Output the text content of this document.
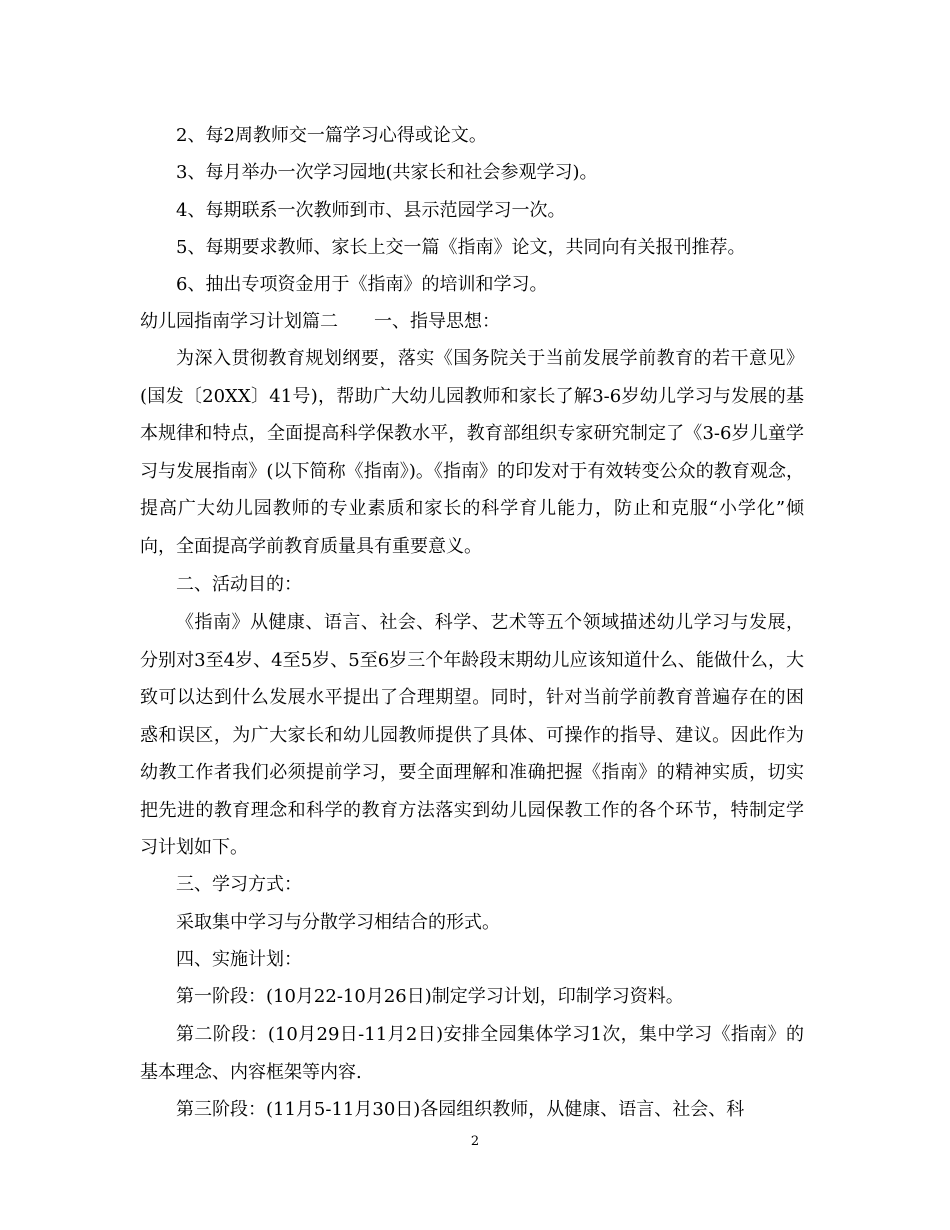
2、每2周教师交一篇学习心得或论文。
3、每月举办一次学习园地(共家长和社会参观学习)。
4、每期联系一次教师到市、县示范园学习一次。
5、每期要求教师、家长上交一篇《指南》论文，共同向有关报刊推荐。
6、抽出专项资金用于《指南》的培训和学习。
幼儿园指南学习计划篇二　　一、指导思想：
为深入贯彻教育规划纲要，落实《国务院关于当前发展学前教育的若干意见》(国发〔20XX〕41号)，帮助广大幼儿园教师和家长了解3-6岁幼儿学习与发展的基本规律和特点，全面提高科学保教水平，教育部组织专家研究制定了《3-6岁儿童学习与发展指南》(以下简称《指南》)。《指南》的印发对于有效转变公众的教育观念，提高广大幼儿园教师的专业素质和家长的科学育儿能力，防止和克服“小学化”倾向，全面提高学前教育质量具有重要意义。
二、活动目的：
《指南》从健康、语言、社会、科学、艺术等五个领域描述幼儿学习与发展，分别对3至4岁、4至5岁、5至6岁三个年龄段末期幼儿应该知道什么、能做什么，大致可以达到什么发展水平提出了合理期望。同时，针对当前学前教育普遍存在的困惑和误区，为广大家长和幼儿园教师提供了具体、可操作的指导、建议。因此作为幼教工作者我们必须提前学习，要全面理解和准确把握《指南》的精神实质，切实把先进的教育理念和科学的教育方法落实到幼儿园保教工作的各个环节，特制定学习计划如下。
三、学习方式：
采取集中学习与分散学习相结合的形式。
四、实施计划：
第一阶段：(10月22-10月26日)制定学习计划，印制学习资料。
第二阶段：(10月29日-11月2日)安排全园集体学习1次，集中学习《指南》的基本理念、内容框架等内容.
第三阶段：(11月5-11月30日)各园组织教师，从健康、语言、社会、科
2
